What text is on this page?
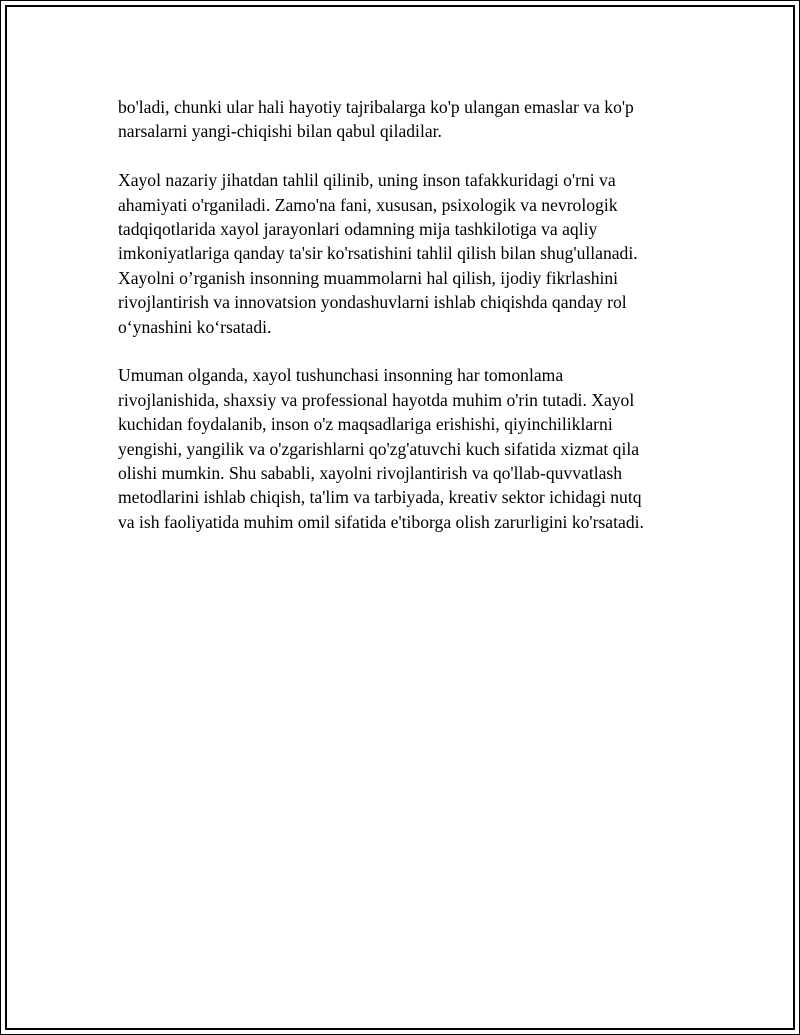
bo'ladi, chunki ular hali hayotiy tajribalarga ko'p ulangan emaslar va ko'p
narsalarni yangi-chiqishi bilan qabul qiladilar.

Xayol nazariy jihatdan tahlil qilinib, uning inson tafakkuridagi o'rni va
ahamiyati o'rganiladi. Zamo'na fani, xususan, psixologik va nevrologik
tadqiqotlarida xayol jarayonlari odamning mija tashkilotiga va aqliy
imkoniyatlariga qanday ta'sir ko'rsatishini tahlil qilish bilan shug'ullanadi.
Xayolni o’rganish insonning muammolarni hal qilish, ijodiy fikrlashini
rivojlantirish va innovatsion yondashuvlarni ishlab chiqishda qanday rol
o‘ynashini ko‘rsatadi.

Umuman olganda, xayol tushunchasi insonning har tomonlama
rivojlanishida, shaxsiy va professional hayotda muhim o'rin tutadi. Xayol
kuchidan foydalanib, inson o'z maqsadlariga erishishi, qiyinchiliklarni
yengishi, yangilik va o'zgarishlarni qo'zg'atuvchi kuch sifatida xizmat qila
olishi mumkin. Shu sababli, xayolni rivojlantirish va qo'llab-quvvatlash
metodlarini ishlab chiqish, ta'lim va tarbiyada, kreativ sektor ichidagi nutq
va ish faoliyatida muhim omil sifatida e'tiborga olish zarurligini ko'rsatadi.
